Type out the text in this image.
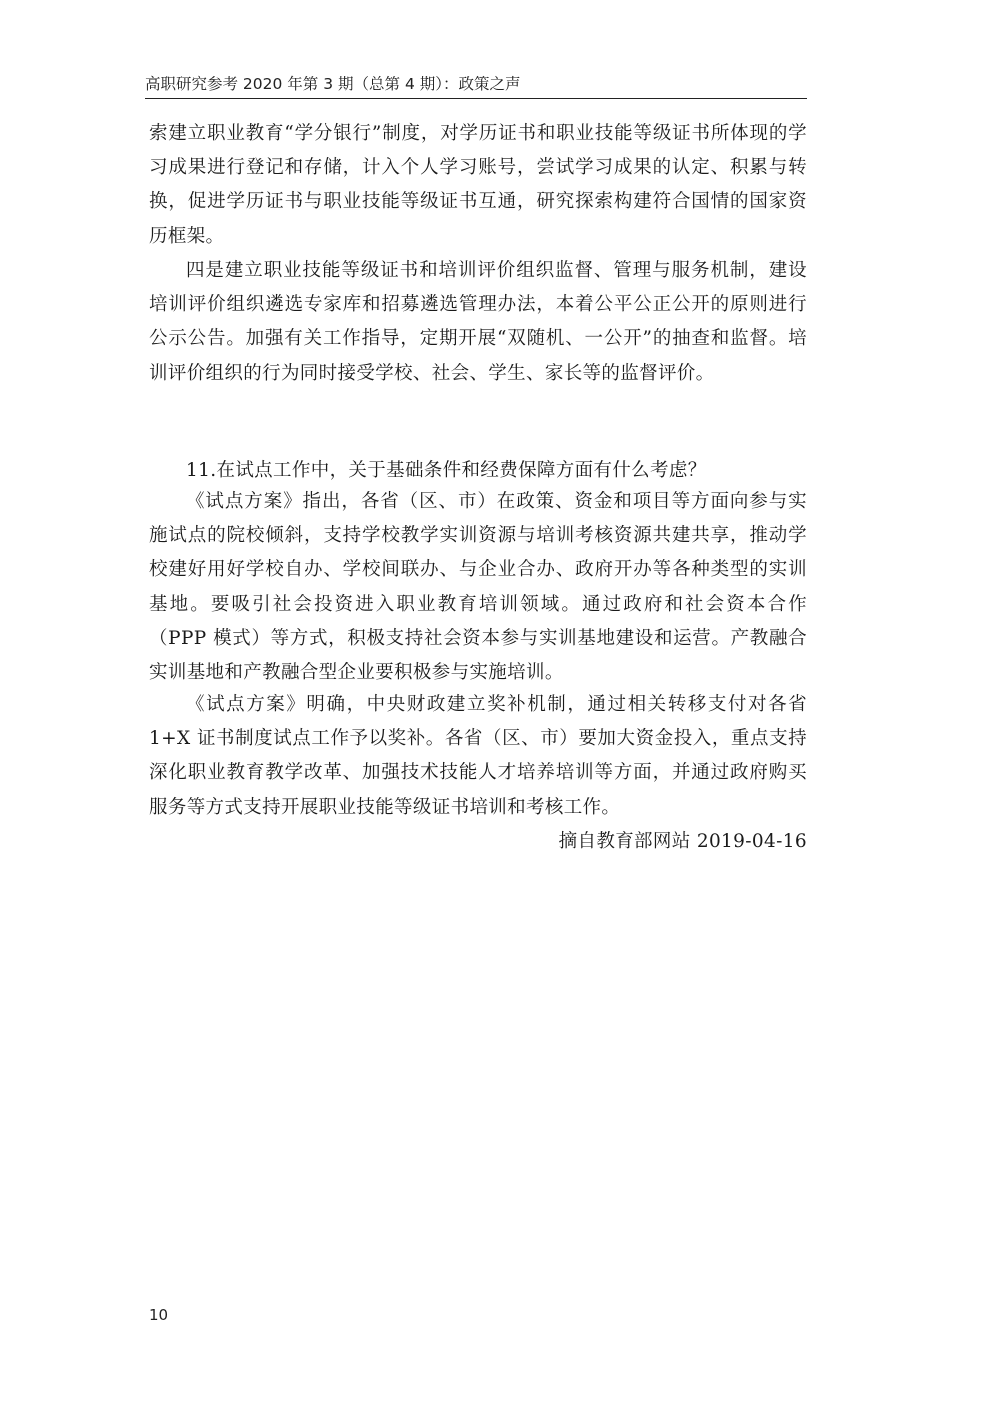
高职研究参考 2020 年第 3 期（总第 4 期）：政策之声

索建立职业教育“学分银行”制度，对学历证书和职业技能等级证书所体现的学习成果进行登记和存储，计入个人学习账号，尝试学习成果的认定、积累与转换，促进学历证书与职业技能等级证书互通，研究探索构建符合国情的国家资历框架。

四是建立职业技能等级证书和培训评价组织监督、管理与服务机制，建设培训评价组织遴选专家库和招募遴选管理办法，本着公平公正公开的原则进行公示公告。加强有关工作指导，定期开展“双随机、一公开”的抽查和监督。培训评价组织的行为同时接受学校、社会、学生、家长等的监督评价。

11.在试点工作中，关于基础条件和经费保障方面有什么考虑？

《试点方案》指出，各省（区、市）在政策、资金和项目等方面向参与实施试点的院校倾斜，支持学校教学实训资源与培训考核资源共建共享，推动学校建好用好学校自办、学校间联办、与企业合办、政府开办等各种类型的实训基地。要吸引社会投资进入职业教育培训领域。通过政府和社会资本合作（PPP 模式）等方式，积极支持社会资本参与实训基地建设和运营。产教融合实训基地和产教融合型企业要积极参与实施培训。

《试点方案》明确，中央财政建立奖补机制，通过相关转移支付对各省 1+X 证书制度试点工作予以奖补。各省（区、市）要加大资金投入，重点支持深化职业教育教学改革、加强技术技能人才培养培训等方面，并通过政府购买服务等方式支持开展职业技能等级证书培训和考核工作。

摘自教育部网站 2019-04-16

10
